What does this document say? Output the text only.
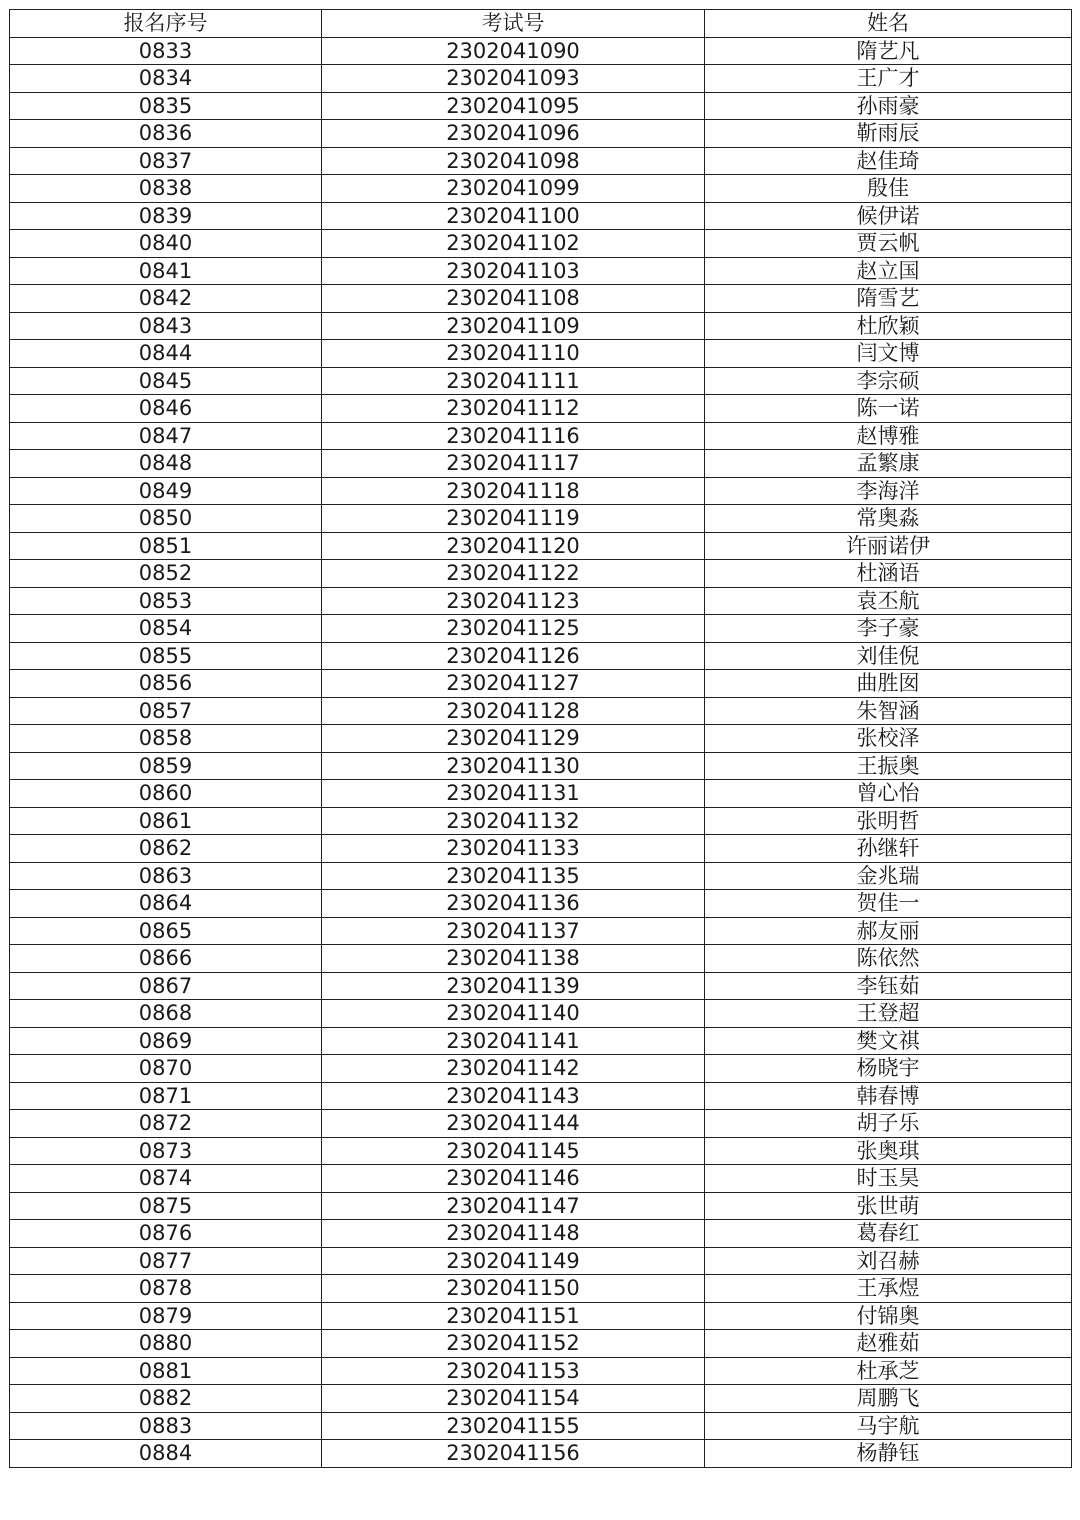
报名序号	考试号	姓名
0833	2302041090	隋艺凡
0834	2302041093	王广才
0835	2302041095	孙雨豪
0836	2302041096	靳雨辰
0837	2302041098	赵佳琦
0838	2302041099	殷佳
0839	2302041100	候伊诺
0840	2302041102	贾云帆
0841	2302041103	赵立国
0842	2302041108	隋雪艺
0843	2302041109	杜欣颖
0844	2302041110	闫文博
0845	2302041111	李宗硕
0846	2302041112	陈一诺
0847	2302041116	赵博雅
0848	2302041117	孟繁康
0849	2302041118	李海洋
0850	2302041119	常奥淼
0851	2302041120	许丽诺伊
0852	2302041122	杜涵语
0853	2302041123	袁丕航
0854	2302041125	李子豪
0855	2302041126	刘佳倪
0856	2302041127	曲胜囡
0857	2302041128	朱智涵
0858	2302041129	张校泽
0859	2302041130	王振奥
0860	2302041131	曾心怡
0861	2302041132	张明哲
0862	2302041133	孙继轩
0863	2302041135	金兆瑞
0864	2302041136	贺佳一
0865	2302041137	郝友丽
0866	2302041138	陈依然
0867	2302041139	李钰茹
0868	2302041140	王登超
0869	2302041141	樊文祺
0870	2302041142	杨晓宇
0871	2302041143	韩春博
0872	2302041144	胡子乐
0873	2302041145	张奥琪
0874	2302041146	时玉昊
0875	2302041147	张世萌
0876	2302041148	葛春红
0877	2302041149	刘召赫
0878	2302041150	王承煜
0879	2302041151	付锦奥
0880	2302041152	赵雅茹
0881	2302041153	杜承芝
0882	2302041154	周鹏飞
0883	2302041155	马宇航
0884	2302041156	杨静钰
